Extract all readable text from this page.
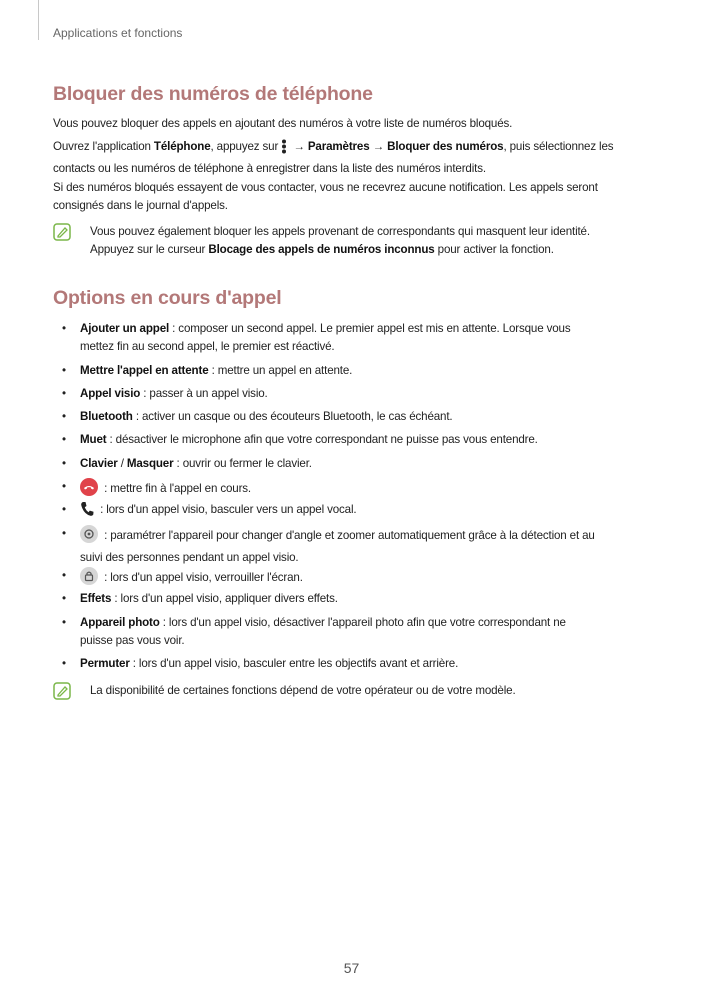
Applications et fonctions
Bloquer des numéros de téléphone
Vous pouvez bloquer des appels en ajoutant des numéros à votre liste de numéros bloqués.
Ouvrez l'application Téléphone, appuyez sur  → Paramètres → Bloquer des numéros, puis sélectionnez les
contacts ou les numéros de téléphone à enregistrer dans la liste des numéros interdits.
Si des numéros bloqués essayent de vous contacter, vous ne recevrez aucune notification. Les appels seront
consignés dans le journal d'appels.
Vous pouvez également bloquer les appels provenant de correspondants qui masquent leur identité.
Appuyez sur le curseur Blocage des appels de numéros inconnus pour activer la fonction.
Options en cours d'appel
• Ajouter un appel : composer un second appel. Le premier appel est mis en attente. Lorsque vous
mettez fin au second appel, le premier est réactivé.
• Mettre l'appel en attente : mettre un appel en attente.
• Appel visio : passer à un appel visio.
• Bluetooth : activer un casque ou des écouteurs Bluetooth, le cas échéant.
• Muet : désactiver le microphone afin que votre correspondant ne puisse pas vous entendre.
• Clavier / Masquer : ouvrir ou fermer le clavier.
•	: mettre fin à l'appel en cours.
•	: lors d'un appel visio, basculer vers un appel vocal.
•	: paramétrer l'appareil pour changer d'angle et zoomer automatiquement grâce à la détection et au
suivi des personnes pendant un appel visio.
•	: lors d'un appel visio, verrouiller l'écran.
• Effets : lors d'un appel visio, appliquer divers effets.
• Appareil photo : lors d'un appel visio, désactiver l'appareil photo afin que votre correspondant ne
puisse pas vous voir.
• Permuter : lors d'un appel visio, basculer entre les objectifs avant et arrière.
La disponibilité de certaines fonctions dépend de votre opérateur ou de votre modèle.
57
